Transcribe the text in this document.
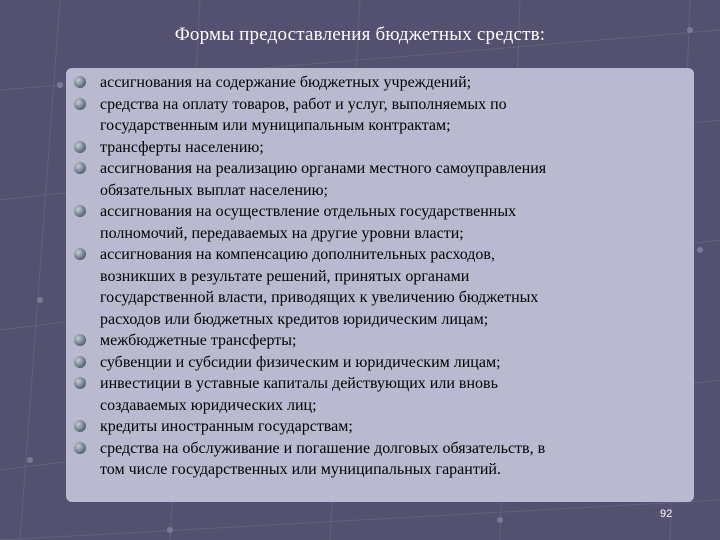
Формы предоставления бюджетных средств:
ассигнования на содержание бюджетных учреждений;
средства на оплату товаров, работ и услуг, выполняемых по
государственным или муниципальным контрактам;
трансферты населению;
ассигнования на реализацию органами местного самоуправления
обязательных выплат населению;
ассигнования на осуществление отдельных государственных
полномочий, передаваемых на другие уровни власти;
ассигнования на компенсацию дополнительных расходов,
возникших в результате решений, принятых органами
государственной власти, приводящих к увеличению бюджетных
расходов или бюджетных кредитов юридическим лицам;
межбюджетные трансферты;
субвенции и субсидии физическим и юридическим лицам;
инвестиции в уставные капиталы действующих или вновь
создаваемых юридических лиц;
кредиты иностранным государствам;
средства на обслуживание и погашение долговых обязательств, в
том числе государственных или муниципальных гарантий.
92
